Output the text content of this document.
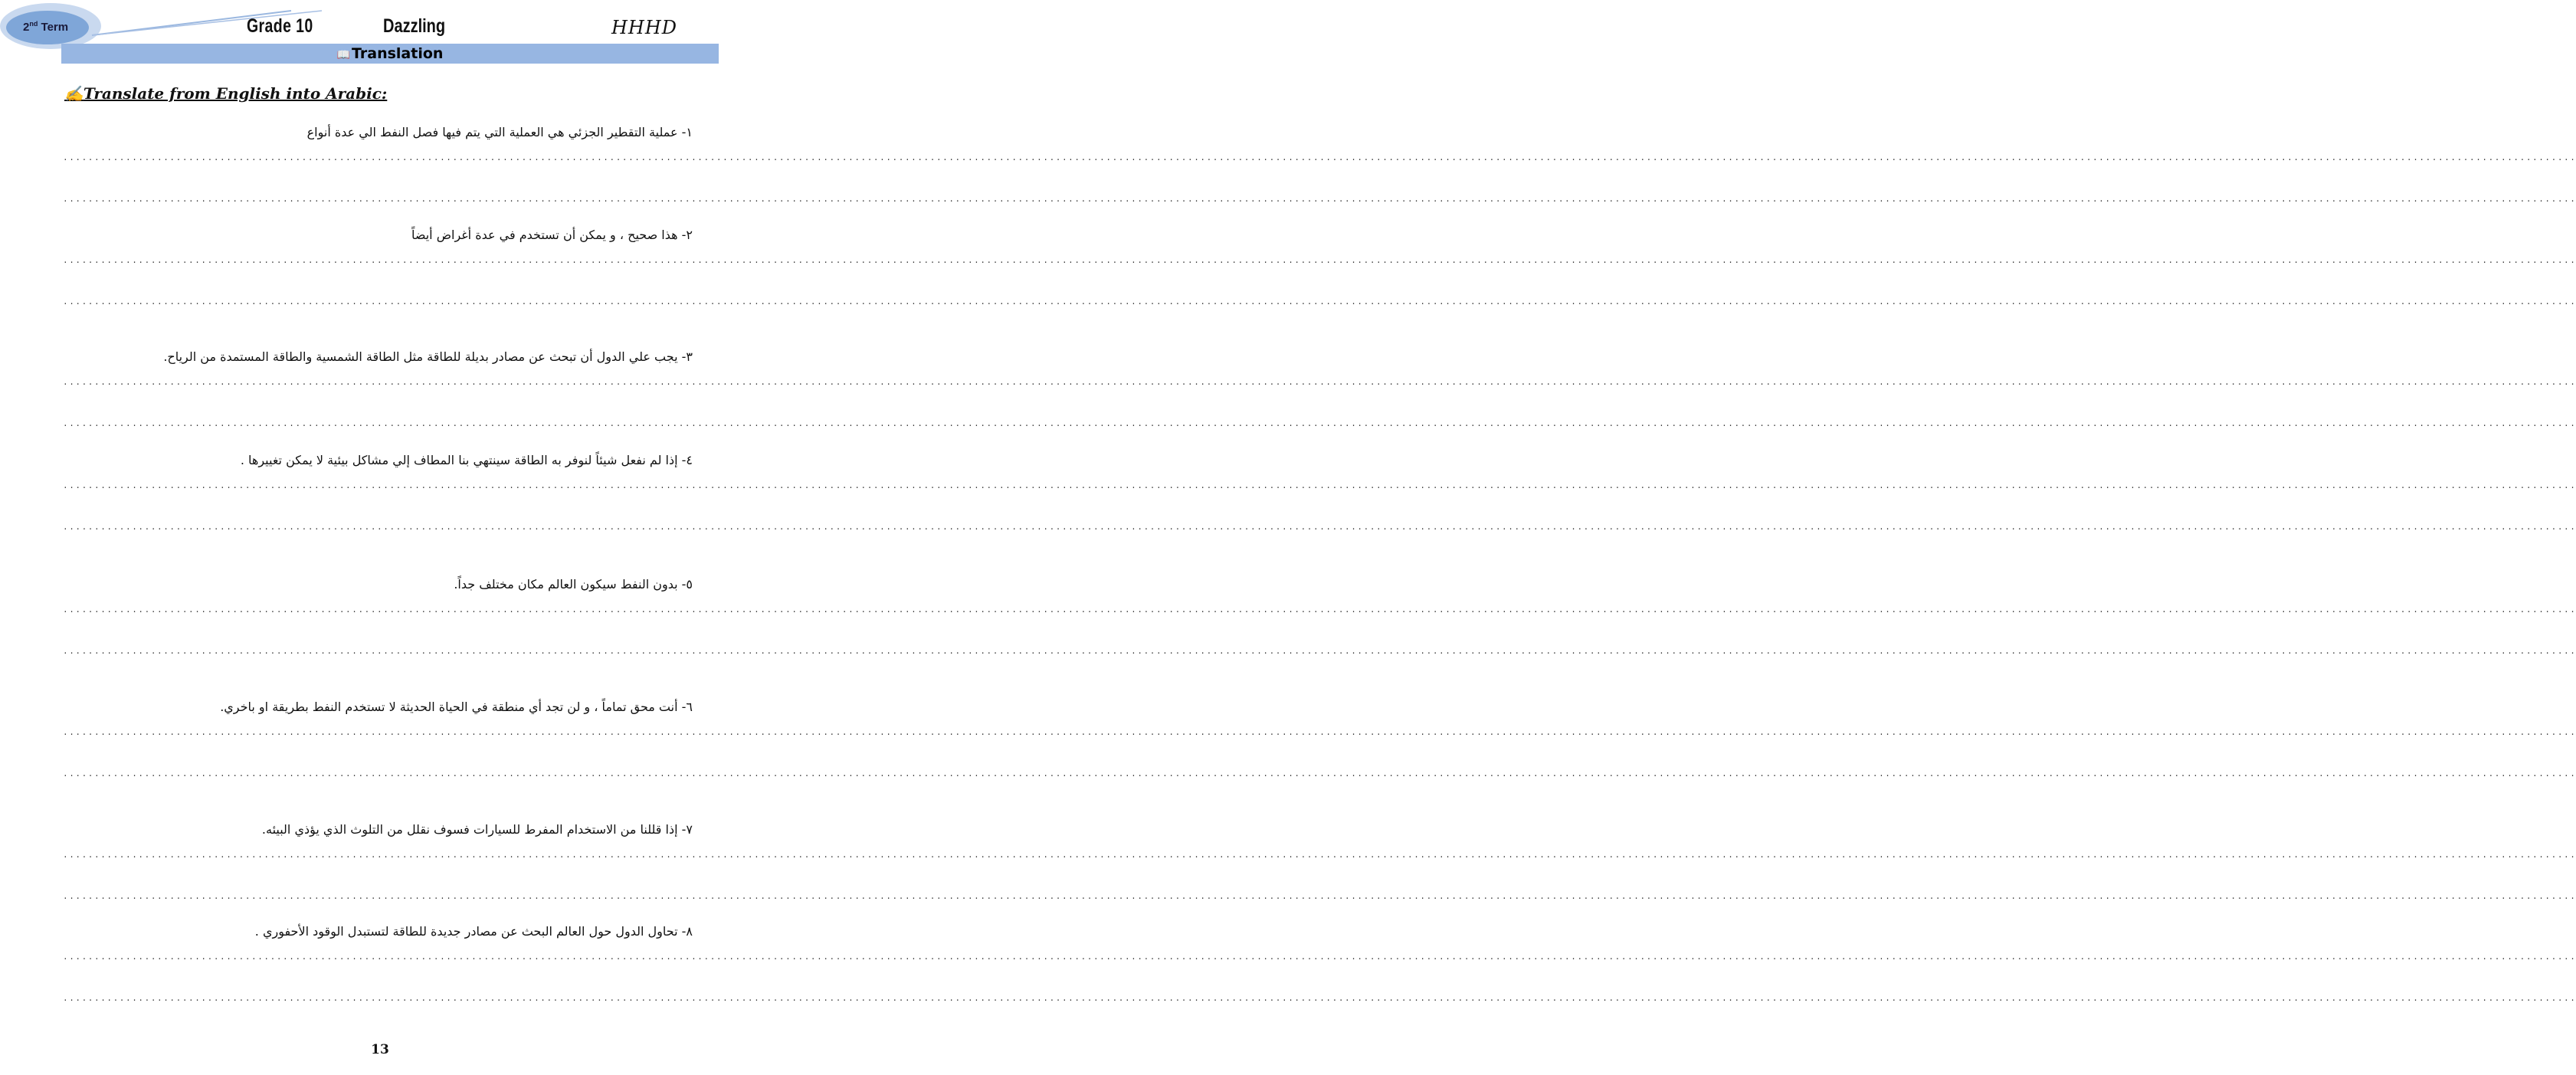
2nd Term	Grade 10	Dazzling	HHHD
📖 Translation
✍Translate from English into Arabic:
١- عملية التقطير الجزئي هي العملية التي يتم فيها فصل النفط الي عدة أنواع
................................................................................................................................................................................................................................................................................................................................................................................................................
................................................................................................................................................................................................................................................................................................................................................................................................................
٢- هذا صحيح ، و يمكن أن تستخدم في عدة أغراض أيضاً
................................................................................................................................................................................................................................................................................................................................................................................................................
................................................................................................................................................................................................................................................................................................................................................................................................................
٣- يجب علي الدول أن تبحث عن مصادر بديلة للطاقة مثل الطاقة الشمسية والطاقة المستمدة من الرياح.
................................................................................................................................................................................................................................................................................................................................................................................................................
................................................................................................................................................................................................................................................................................................................................................................................................................
٤- إذا لم نفعل شيئاً لنوفر به الطاقة سينتهي بنا المطاف إلي مشاكل بيئية لا يمكن تغييرها .
................................................................................................................................................................................................................................................................................................................................................................................................................
................................................................................................................................................................................................................................................................................................................................................................................................................
٥- بدون النفط سيكون العالم مكان مختلف جداً.
................................................................................................................................................................................................................................................................................................................................................................................................................
................................................................................................................................................................................................................................................................................................................................................................................................................
٦- أنت محق تماماً ، و لن تجد أي منطقة في الحياة الحديثة لا تستخدم النفط بطريقة او باخري.
................................................................................................................................................................................................................................................................................................................................................................................................................
................................................................................................................................................................................................................................................................................................................................................................................................................
٧- إذا قللنا من الاستخدام المفرط للسيارات فسوف نقلل من التلوث الذي يؤذي البيئه.
................................................................................................................................................................................................................................................................................................................................................................................................................
................................................................................................................................................................................................................................................................................................................................................................................................................
٨- تحاول الدول حول العالم البحث عن مصادر جديدة للطاقة لتستبدل الوقود الأحفوري .
................................................................................................................................................................................................................................................................................................................................................................................................................
................................................................................................................................................................................................................................................................................................................................................................................................................
13
